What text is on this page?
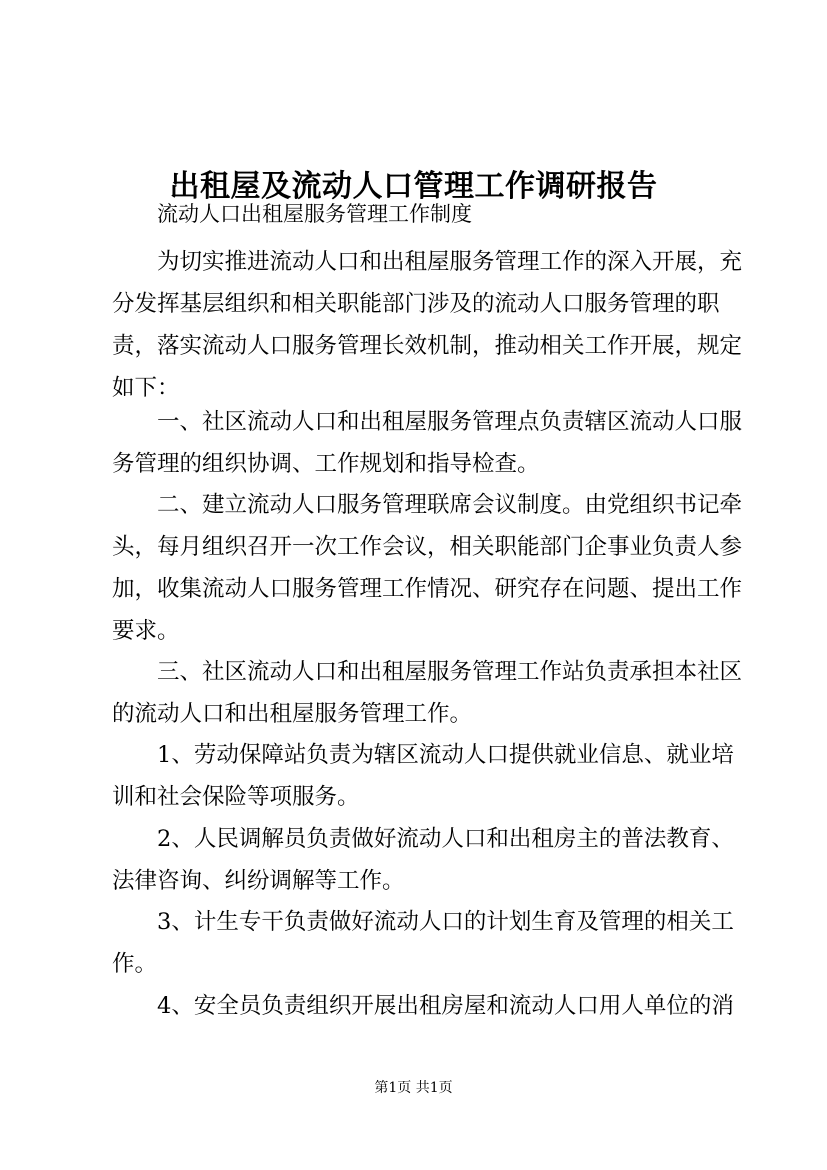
出租屋及流动人口管理工作调研报告
流动人口出租屋服务管理工作制度
为切实推进流动人口和出租屋服务管理工作的深入开展，充
分发挥基层组织和相关职能部门涉及的流动人口服务管理的职
责，落实流动人口服务管理长效机制，推动相关工作开展，规定
如下：
一、社区流动人口和出租屋服务管理点负责辖区流动人口服
务管理的组织协调、工作规划和指导检查。
二、建立流动人口服务管理联席会议制度。由党组织书记牵
头，每月组织召开一次工作会议，相关职能部门企事业负责人参
加，收集流动人口服务管理工作情况、研究存在问题、提出工作
要求。
三、社区流动人口和出租屋服务管理工作站负责承担本社区
的流动人口和出租屋服务管理工作。
1、劳动保障站负责为辖区流动人口提供就业信息、就业培
训和社会保险等项服务。
2、人民调解员负责做好流动人口和出租房主的普法教育、
法律咨询、纠纷调解等工作。
3、计生专干负责做好流动人口的计划生育及管理的相关工
作。
4、安全员负责组织开展出租房屋和流动人口用人单位的消
第1页 共1页
